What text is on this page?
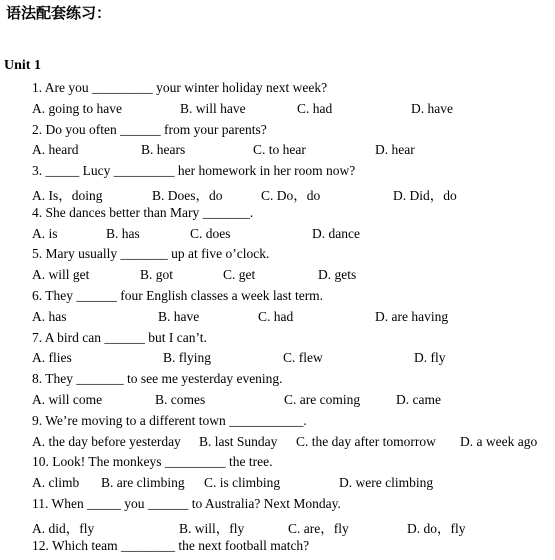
语法配套练习：
Unit 1
1. Are you _________ your winter holiday next week?
A. going to have	B. will have	C. had	D. have
2. Do you often ______ from your parents?
A. heard	B. hears	C. to hear	D. hear
3. _____ Lucy _________ her homework in her room now?
A. Is，doing	B. Does，do	C. Do，do	D. Did，do
4. She dances better than Mary _______.
A. is	B. has	C. does	D. dance
5. Mary usually _______ up at five o’clock.
A. will get	B. got	C. get	D. gets
6. They ______ four English classes a week last term.
A. has	B. have	C. had	D. are having
7. A bird can ______ but I can’t.
A. flies	B. flying	C. flew	D. fly
8. They _______ to see me yesterday evening.
A. will come	B. comes	C. are coming	D. came
9. We’re moving to a different town ___________.
A. the day before yesterday B. last Sunday C. the day after tomorrow D. a week ago
10. Look! The monkeys _________ the tree.
A. climb B. are climbing C. is climbing	D. were climbing
11. When _____ you ______ to Australia? Next Monday.
A. did，fly	B. will，fly	C. are，fly	D. do，fly
12. Which team ________ the next football match?
